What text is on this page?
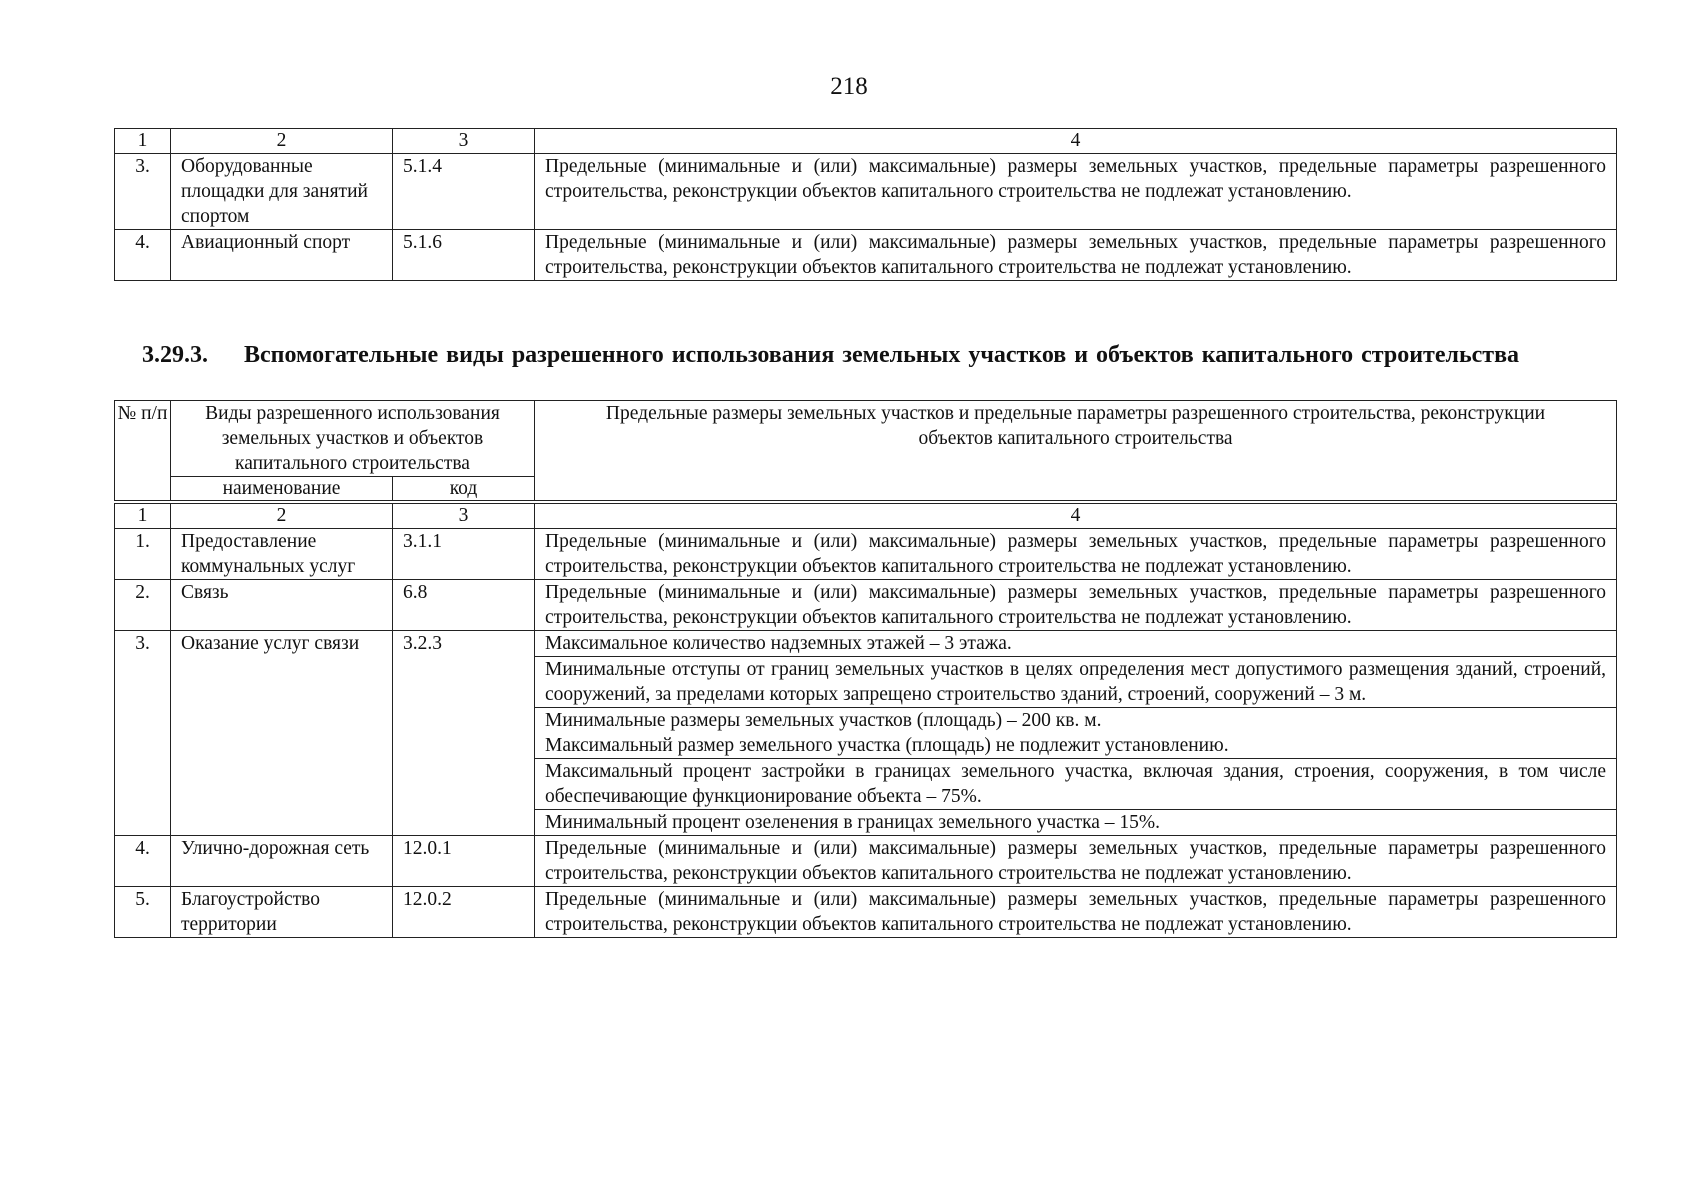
218
1	2	3	4
3.	Оборудованные площадки для занятий спортом	5.1.4	Предельные (минимальные и (или) максимальные) размеры земельных участков, предельные параметры разрешенного строительства, реконструкции объектов капитального строительства не подлежат установлению.
4.	Авиационный спорт	5.1.6	Предельные (минимальные и (или) максимальные) размеры земельных участков, предельные параметры разрешенного строительства, реконструкции объектов капитального строительства не подлежат установлению.
3.29.3. Вспомогательные виды разрешенного использования земельных участков и объектов капитального строительства
№ п/п	Виды разрешенного использования земельных участков и объектов капитального строительства		Предельные размеры земельных участков и предельные параметры разрешенного строительства, реконструкции объектов капитального строительства
	наименование	код	
1	2	3	4
1.	Предоставление коммунальных услуг	3.1.1	Предельные (минимальные и (или) максимальные) размеры земельных участков, предельные параметры разрешенного строительства, реконструкции объектов капитального строительства не подлежат установлению.
2.	Связь	6.8	Предельные (минимальные и (или) максимальные) размеры земельных участков, предельные параметры разрешенного строительства, реконструкции объектов капитального строительства не подлежат установлению.
3.	Оказание услуг связи	3.2.3	Максимальное количество надземных этажей – 3 этажа.
			Минимальные отступы от границ земельных участков в целях определения мест допустимого размещения зданий, строений, сооружений, за пределами которых запрещено строительство зданий, строений, сооружений – 3 м.
			Минимальные размеры земельных участков (площадь) – 200 кв. м.
Максимальный размер земельного участка (площадь) не подлежит установлению.
			Максимальный процент застройки в границах земельного участка, включая здания, строения, сооружения, в том числе обеспечивающие функционирование объекта – 75%.
			Минимальный процент озеленения в границах земельного участка – 15%.
4.	Улично-дорожная сеть	12.0.1	Предельные (минимальные и (или) максимальные) размеры земельных участков, предельные параметры разрешенного строительства, реконструкции объектов капитального строительства не подлежат установлению.
5.	Благоустройство территории	12.0.2	Предельные (минимальные и (или) максимальные) размеры земельных участков, предельные параметры разрешенного строительства, реконструкции объектов капитального строительства не подлежат установлению.
